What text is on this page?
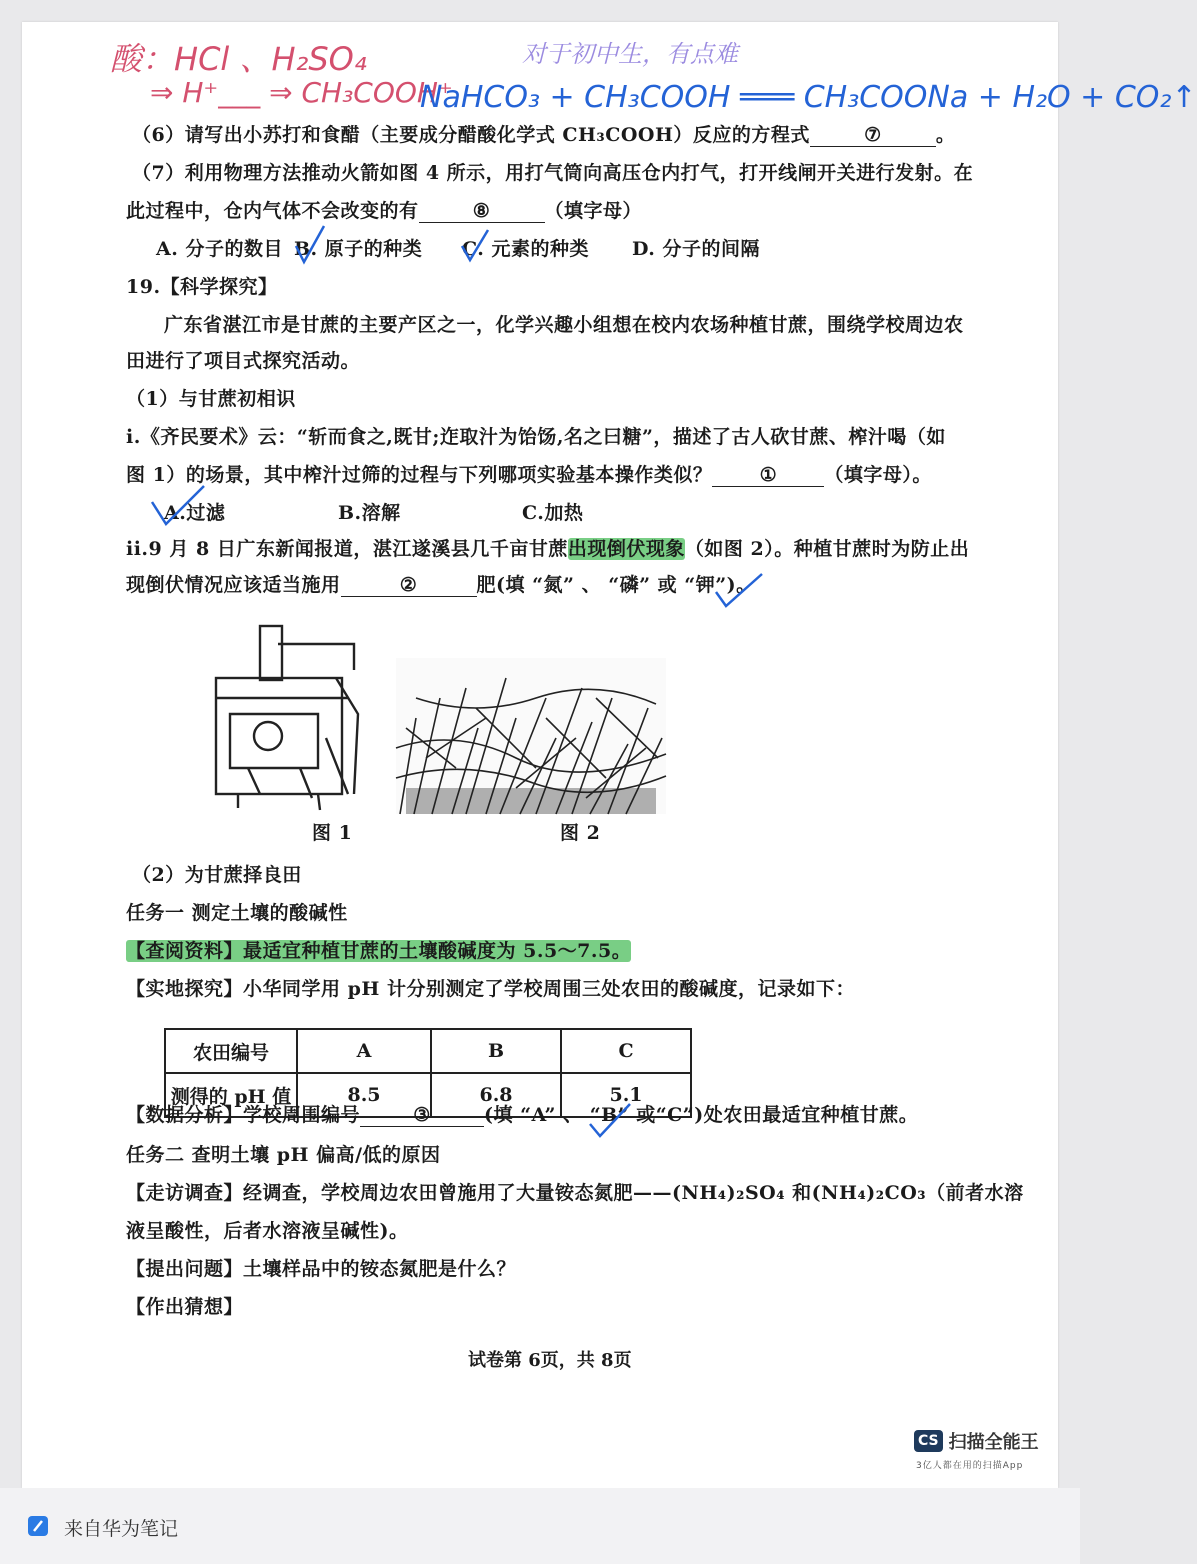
酸：HCl 、H₂SO₄
⇒ H⁺___ ⇒ CH₃COOH⁺
对于初中生，有点难
NaHCO₃ + CH₃COOH ═══ CH₃COONa + H₂O + CO₂↑
（6）请写出小苏打和食醋（主要成分醋酸化学式 CH₃COOH）反应的方程式	⑦	。
（7）利用物理方法推动火箭如图 4 所示，用打气筒向高压仓内打气，打开线闸开关进行发射。在
此过程中，仓内气体不会改变的有	⑧	（填字母）
A. 分子的数目 B. 原子的种类 C. 元素的种类 D. 分子的间隔
19.【科学探究】
广东省湛江市是甘蔗的主要产区之一，化学兴趣小组想在校内农场种植甘蔗，围绕学校周边农
田进行了项目式探究活动。
（1）与甘蔗初相识
i.《齐民要术》云：“斩而食之,既甘;迮取汁为饴饧,名之曰糖”，描述了古人砍甘蔗、榨汁喝（如
图 1）的场景，其中榨汁过筛的过程与下列哪项实验基本操作类似？ ① （填字母）。
A.过滤	B.溶解	C.加热
ii.9 月 8 日广东新闻报道，湛江遂溪县几千亩甘蔗出现倒伏现象（如图 2）。种植甘蔗时为防止出
现倒伏情况应该适当施用	②	肥(填 “氮” 、 “磷” 或 “钾”)。
图 1	图 2
（2）为甘蔗择良田
任务一 测定土壤的酸碱性
【查阅资料】最适宜种植甘蔗的土壤酸碱度为 5.5～7.5。
【实地探究】小华同学用 pH 计分别测定了学校周围三处农田的酸碱度，记录如下：
农田编号	A	B	C
测得的 pH 值	8.5	6.8	5.1
【数据分析】学校周围编号	③	(填 “A” 、 “B” 或“C”)处农田最适宜种植甘蔗。
任务二 查明土壤 pH 偏高/低的原因
【走访调查】经调查，学校周边农田曾施用了大量铵态氮肥——(NH₄)₂SO₄ 和(NH₄)₂CO₃（前者水溶
液呈酸性，后者水溶液呈碱性)。
【提出问题】土壤样品中的铵态氮肥是什么？
【作出猜想】
试卷第 6页，共 8页
CS 扫描全能王
3亿人都在用的扫描App
来自华为笔记
